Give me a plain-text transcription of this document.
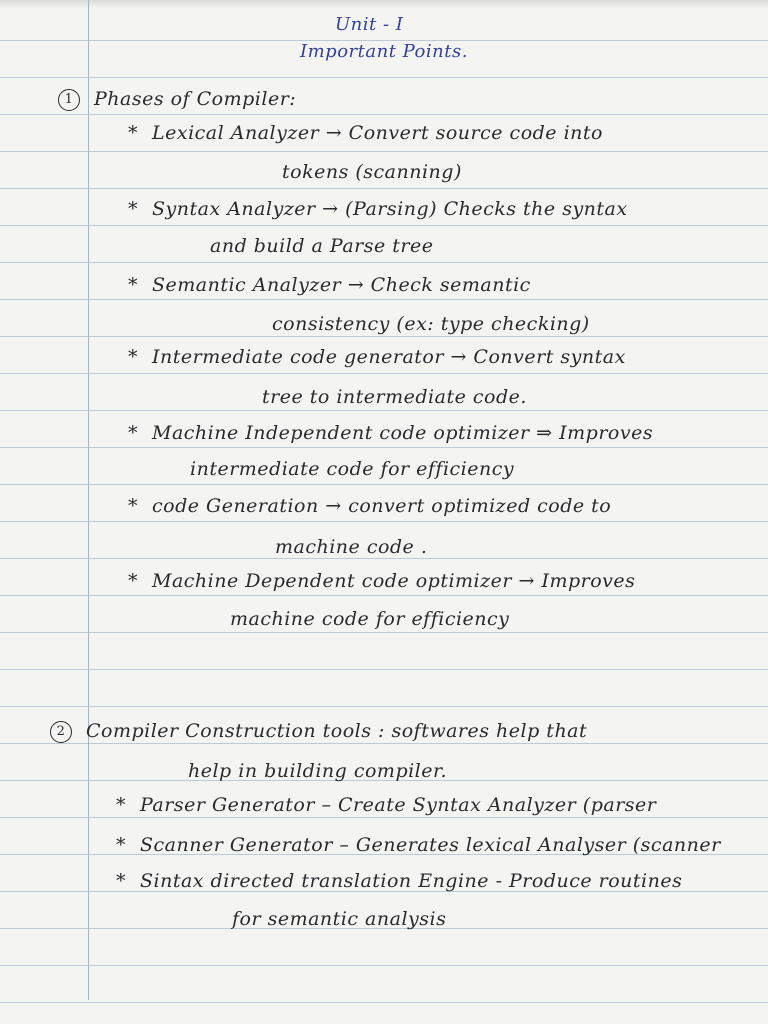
Unit - I
Important Points.
1 Phases of Compiler:
* Lexical Analyzer → Convert source code into
tokens (scanning)
* Syntax Analyzer → (Parsing) Checks the syntax
and build a Parse tree
* Semantic Analyzer → Check semantic
consistency (ex: type checking)
* Intermediate code generator → Convert syntax
tree to intermediate code.
* Machine Independent code optimizer ⇒ Improves
intermediate code for efficiency
* code Generation → convert optimized code to
machine code .
* Machine Dependent code optimizer → Improves
machine code for efficiency
2 Compiler Construction tools : softwares help that
help in building compiler.
* Parser Generator – Create Syntax Analyzer (parser
* Scanner Generator – Generates lexical Analyser (scanner
* Sintax directed translation Engine - Produce routines
for semantic analysis
